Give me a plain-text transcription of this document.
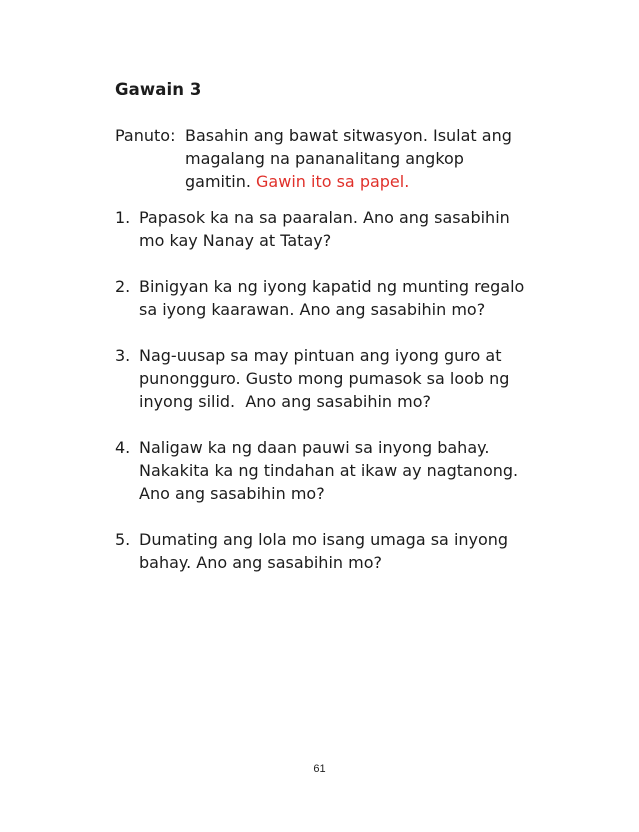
Gawain 3
Panuto: Basahin ang bawat sitwasyon. Isulat ang
magalang na pananalitang angkop
gamitin. Gawin ito sa papel.
1. Papasok ka na sa paaralan. Ano ang sasabihin
mo kay Nanay at Tatay?
2. Binigyan ka ng iyong kapatid ng munting regalo
sa iyong kaarawan. Ano ang sasabihin mo?
3. Nag-uusap sa may pintuan ang iyong guro at
punongguro. Gusto mong pumasok sa loob ng
inyong silid.  Ano ang sasabihin mo?
4. Naligaw ka ng daan pauwi sa inyong bahay.
Nakakita ka ng tindahan at ikaw ay nagtanong.
Ano ang sasabihin mo?
5. Dumating ang lola mo isang umaga sa inyong
bahay. Ano ang sasabihin mo?
61
